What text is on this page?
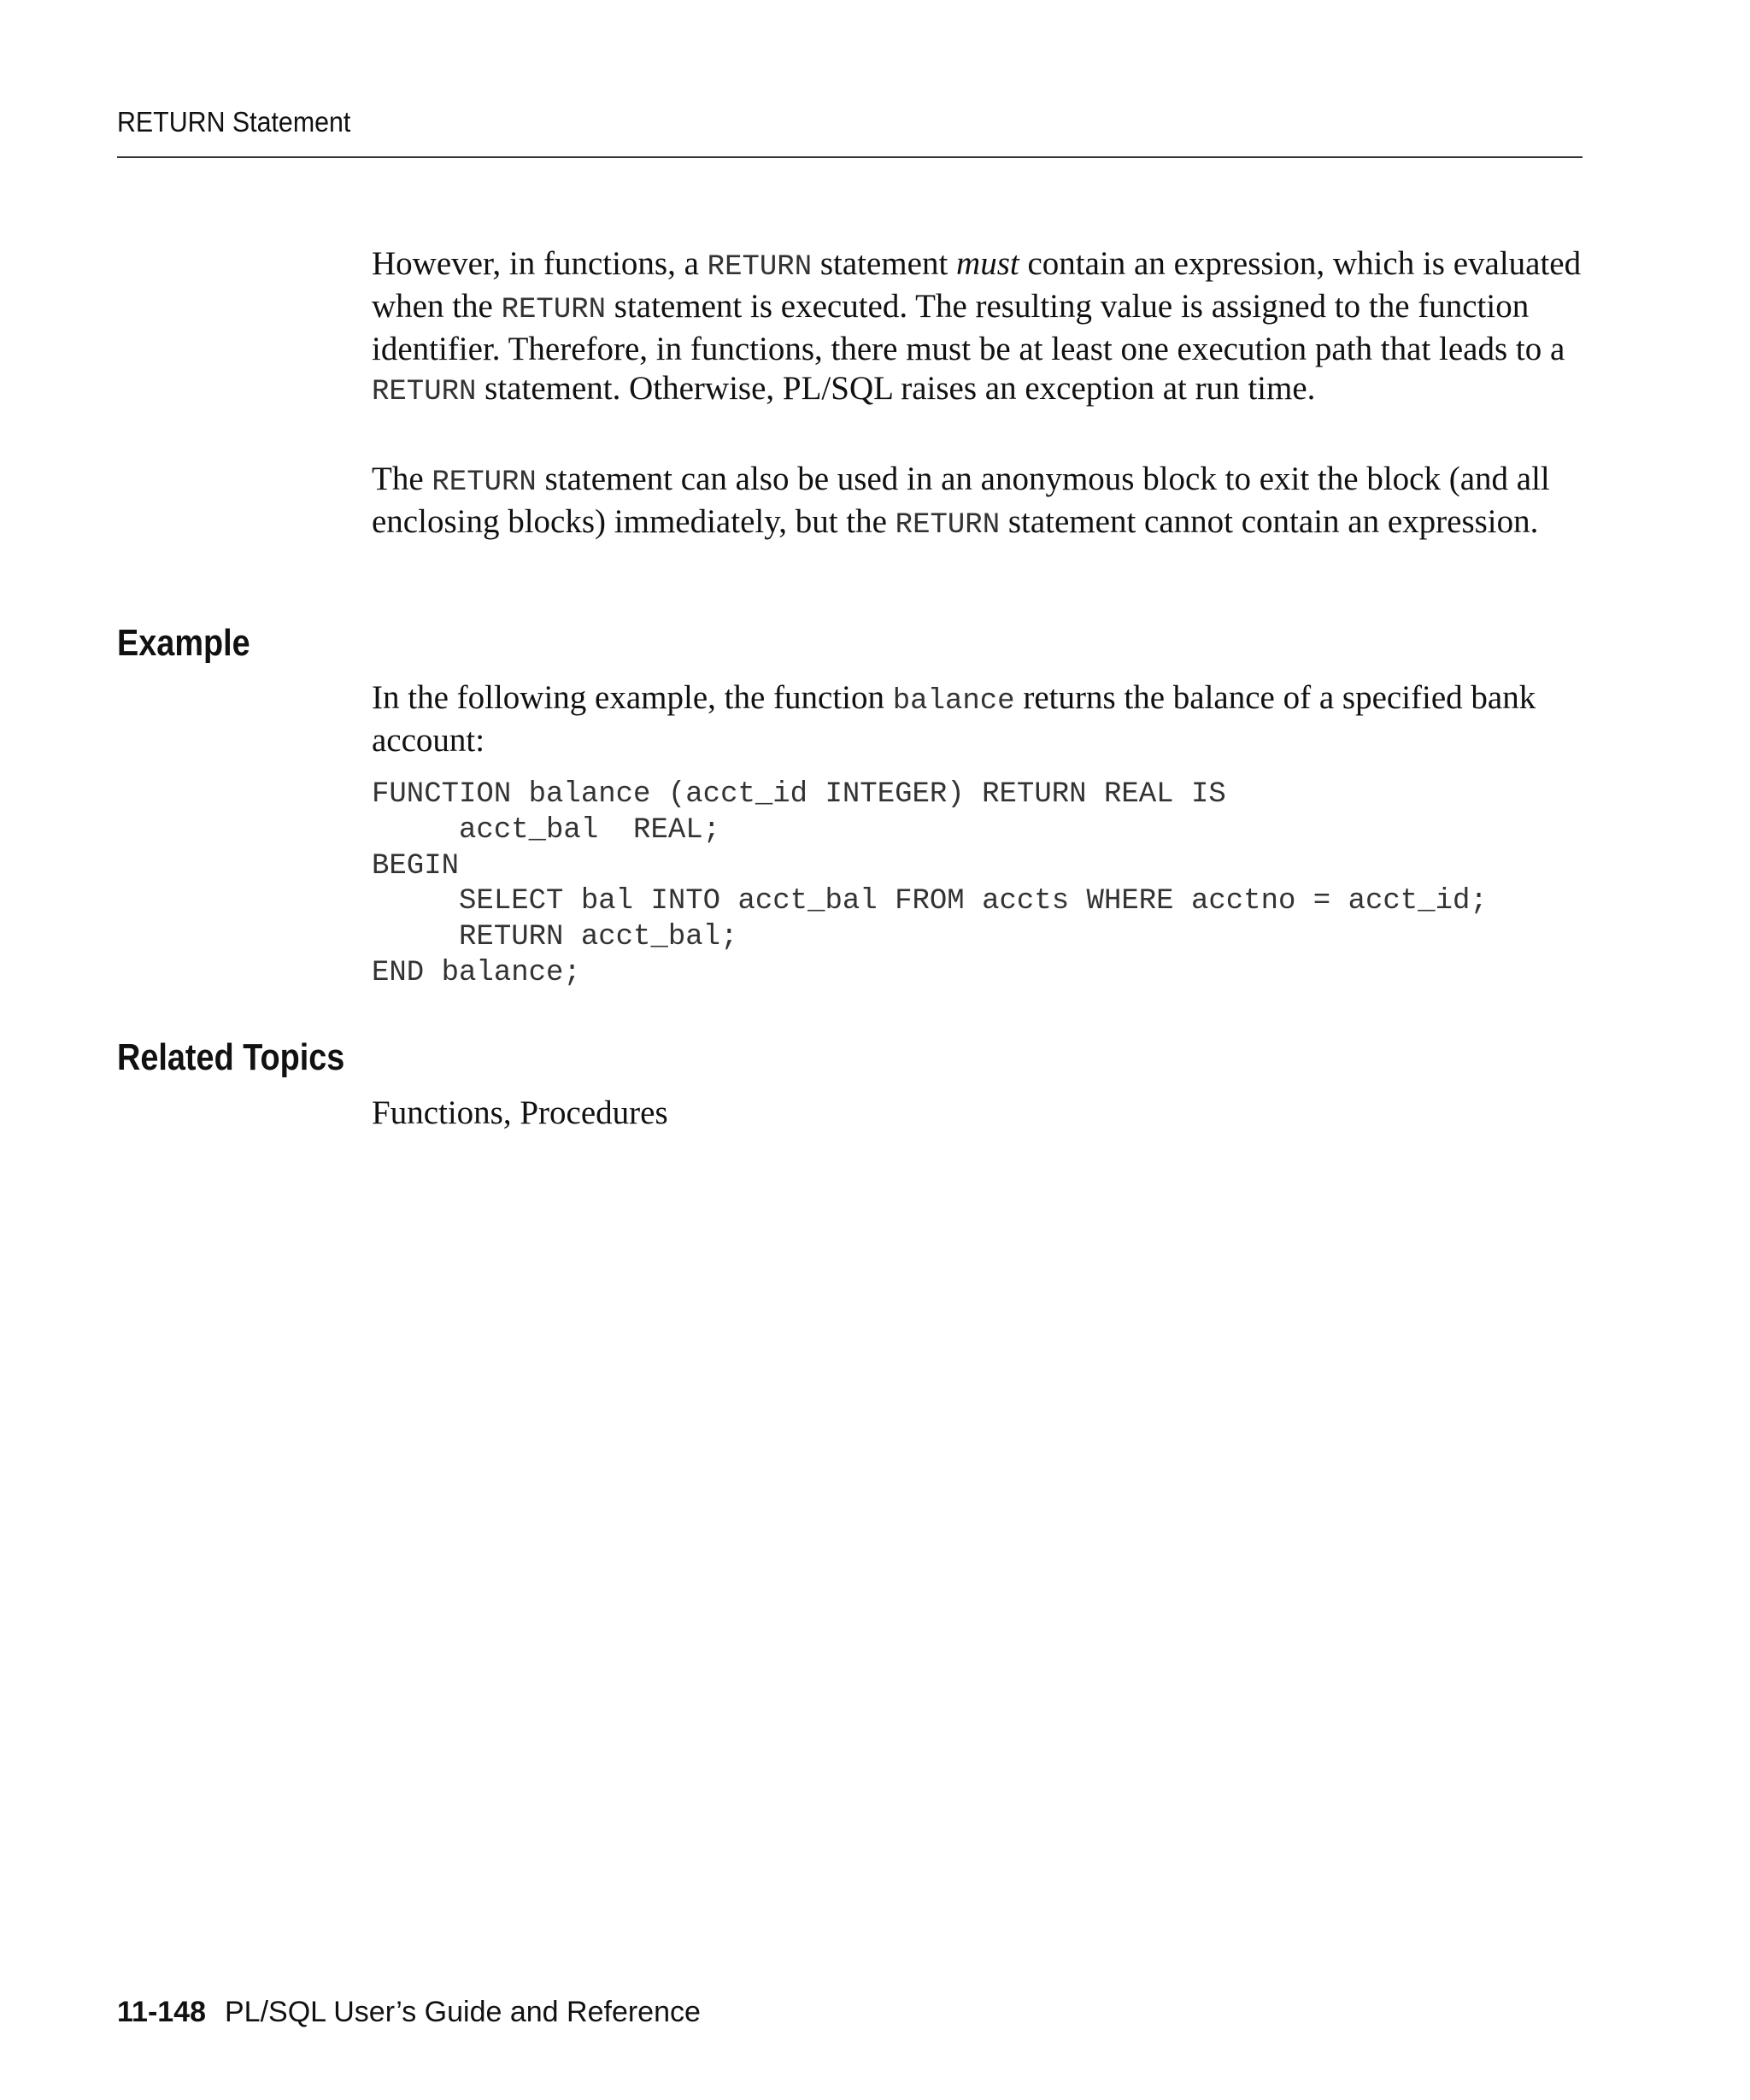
RETURN Statement

However, in functions, a RETURN statement must contain an expression, which is evaluated when the RETURN statement is executed. The resulting value is assigned to the function identifier. Therefore, in functions, there must be at least one execution path that leads to a RETURN statement. Otherwise, PL/SQL raises an exception at run time.

The RETURN statement can also be used in an anonymous block to exit the block (and all enclosing blocks) immediately, but the RETURN statement cannot contain an expression.

Example

In the following example, the function balance returns the balance of a specified bank account:

FUNCTION balance (acct_id INTEGER) RETURN REAL IS
acct_bal  REAL;
BEGIN
SELECT bal INTO acct_bal FROM accts WHERE acctno = acct_id;
RETURN acct_bal;
END balance;
Related Topics

Functions, Procedures

11-148 PL/SQL User’s Guide and Reference
